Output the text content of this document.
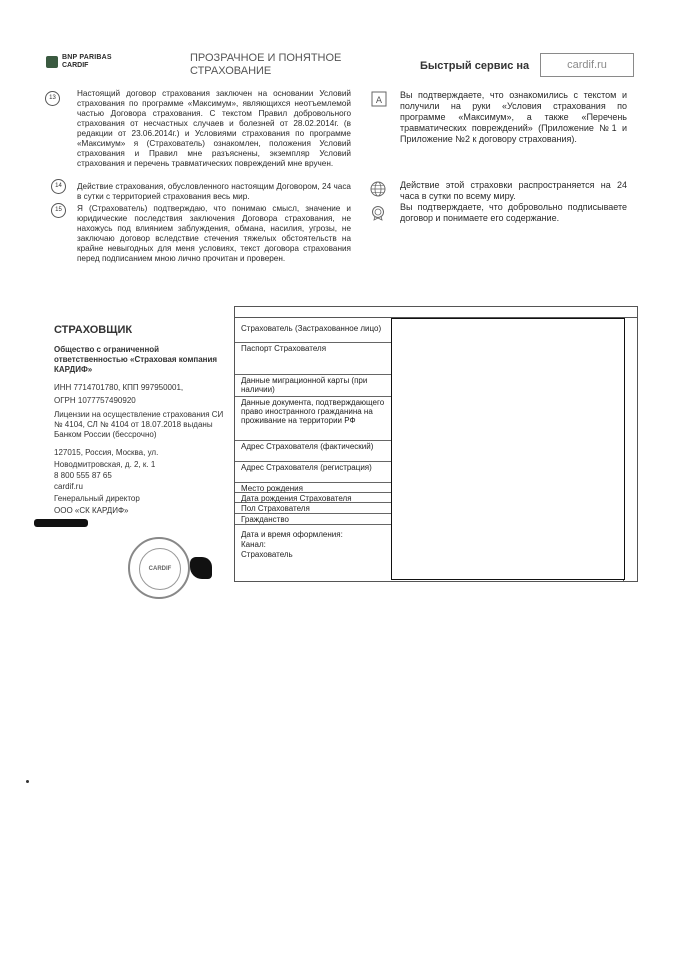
BNP PARIBAS
CARDIF
ПРОЗРАЧНОЕ И ПОНЯТНОЕ СТРАХОВАНИЕ	Быстрый сервис на	cardif.ru
13	Настоящий договор страхования заключен на основании Условий страхования по программе «Максимум», являющихся неотъемлемой частью Договора страхования. С текстом Правил добровольного страхования от несчастных случаев и болезней от 28.02.2014г. (в редакции от 23.06.2014г.) и Условиями страхования по программе «Максимум» я (Страхователь) ознакомлен, положения Условий страхования и Правил мне разъяснены, экземпляр Условий страхования и перечень травматических повреждений мне вручен.
14	Действие страхования, обусловленного настоящим Договором, 24 часа в сутки с территорией страхования весь мир.
15	Я (Страхователь) подтверждаю, что понимаю смысл, значение и юридические последствия заключения Договора страхования, не нахожусь под влиянием заблуждения, обмана, насилия, угрозы, не заключаю договор вследствие стечения тяжелых обстоятельств на крайне невыгодных для меня условиях, текст договора страхования перед подписанием мною лично прочитан и проверен.
A
Вы подтверждаете, что ознакомились с текстом и получили на руки «Условия страхования по программе «Максимум», а также «Перечень травматических повреждений» (Приложение №1 и Приложение №2 к договору страхования).
Действие этой страховки распространяется на 24 часа в сутки по всему миру.
Вы подтверждаете, что добровольно подписываете договор и понимаете его содержание.
СТРАХОВЩИК
Общество с ограниченной ответственностью «Страховая компания КАРДИФ»
ИНН 7714701780, КПП 997950001,
ОГРН 1077757490920
Лицензии на осуществление страхования СИ № 4104, СЛ № 4104 от 18.07.2018 выданы Банком России (бессрочно)
127015, Россия, Москва, ул. Новодмитровская, д. 2, к. 1
8 800 555 87 65
cardif.ru
Генеральный директор
ООО «СК КАРДИФ»
CARDIF
Страхователь (Застрахованное лицо)
Паспорт Страхователя
Данные миграционной карты (при наличии)
Данные документа, подтверждающего право иностранного гражданина на проживание на территории РФ
Адрес Страхователя (фактический)
Адрес Страхователя (регистрация)
Место рождения
Дата рождения Страхователя
Пол Страхователя
Гражданство
Дата и время оформления:
Канал:
Страхователь
